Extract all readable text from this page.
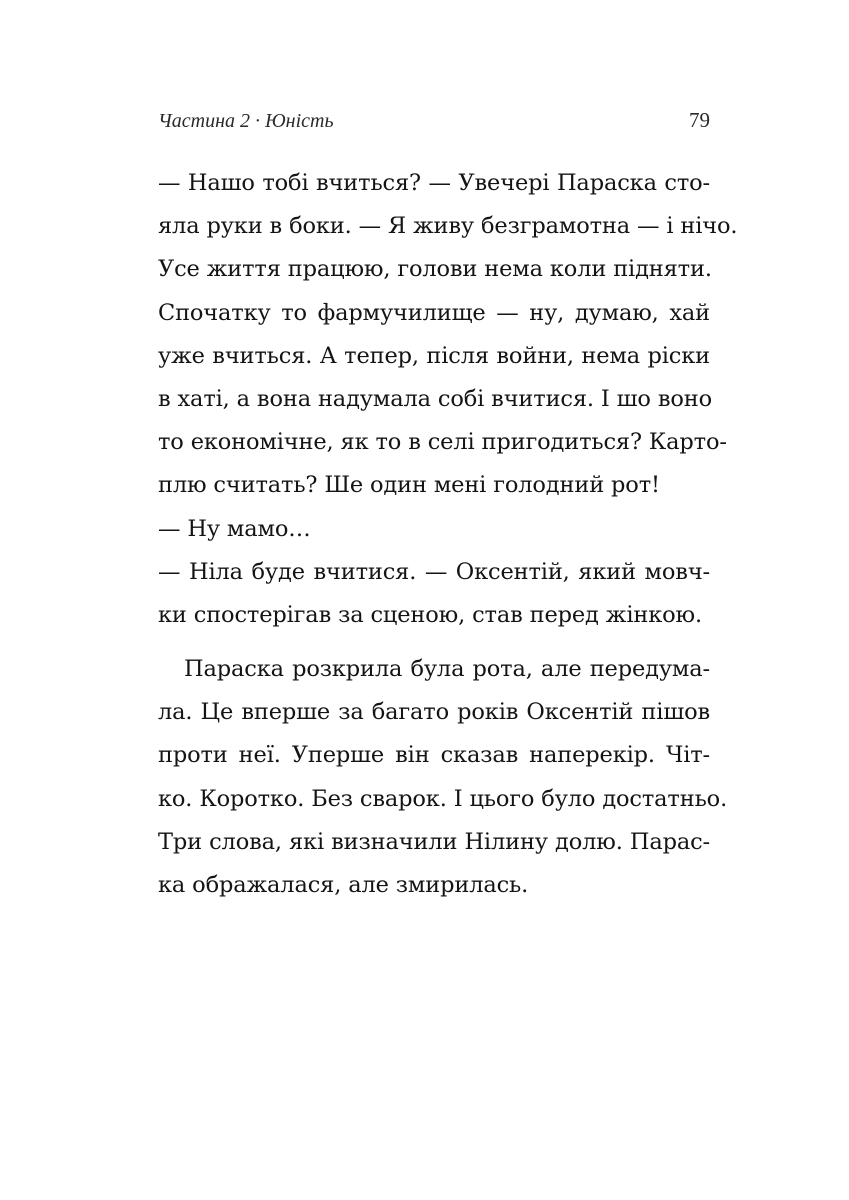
Частина 2 · Юність	79
— Нашо тобі вчиться? — Увечері Параска сто-
яла руки в боки. — Я живу безграмотна — і нічо.
Усе життя працюю, голови нема коли підняти.
Спочатку то фармучилище — ну, думаю, хай
уже вчиться. А тепер, після войни, нема ріски
в хаті, а вона надумала собі вчитися. І шо воно
то економічне, як то в селі пригодиться? Карто-
плю считать? Ше один мені голодний рот!
— Ну мамо…
— Ніла буде вчитися. — Оксентій, який мовч-
ки спостерігав за сценою, став перед жінкою.
Параска розкрила була рота, але передума-
ла. Це вперше за багато років Оксентій пішов
проти неї. Уперше він сказав наперекір. Чіт-
ко. Коротко. Без сварок. І цього було достатньо.
Три слова, які визначили Нілину долю. Парас-
ка ображалася, але змирилась.
